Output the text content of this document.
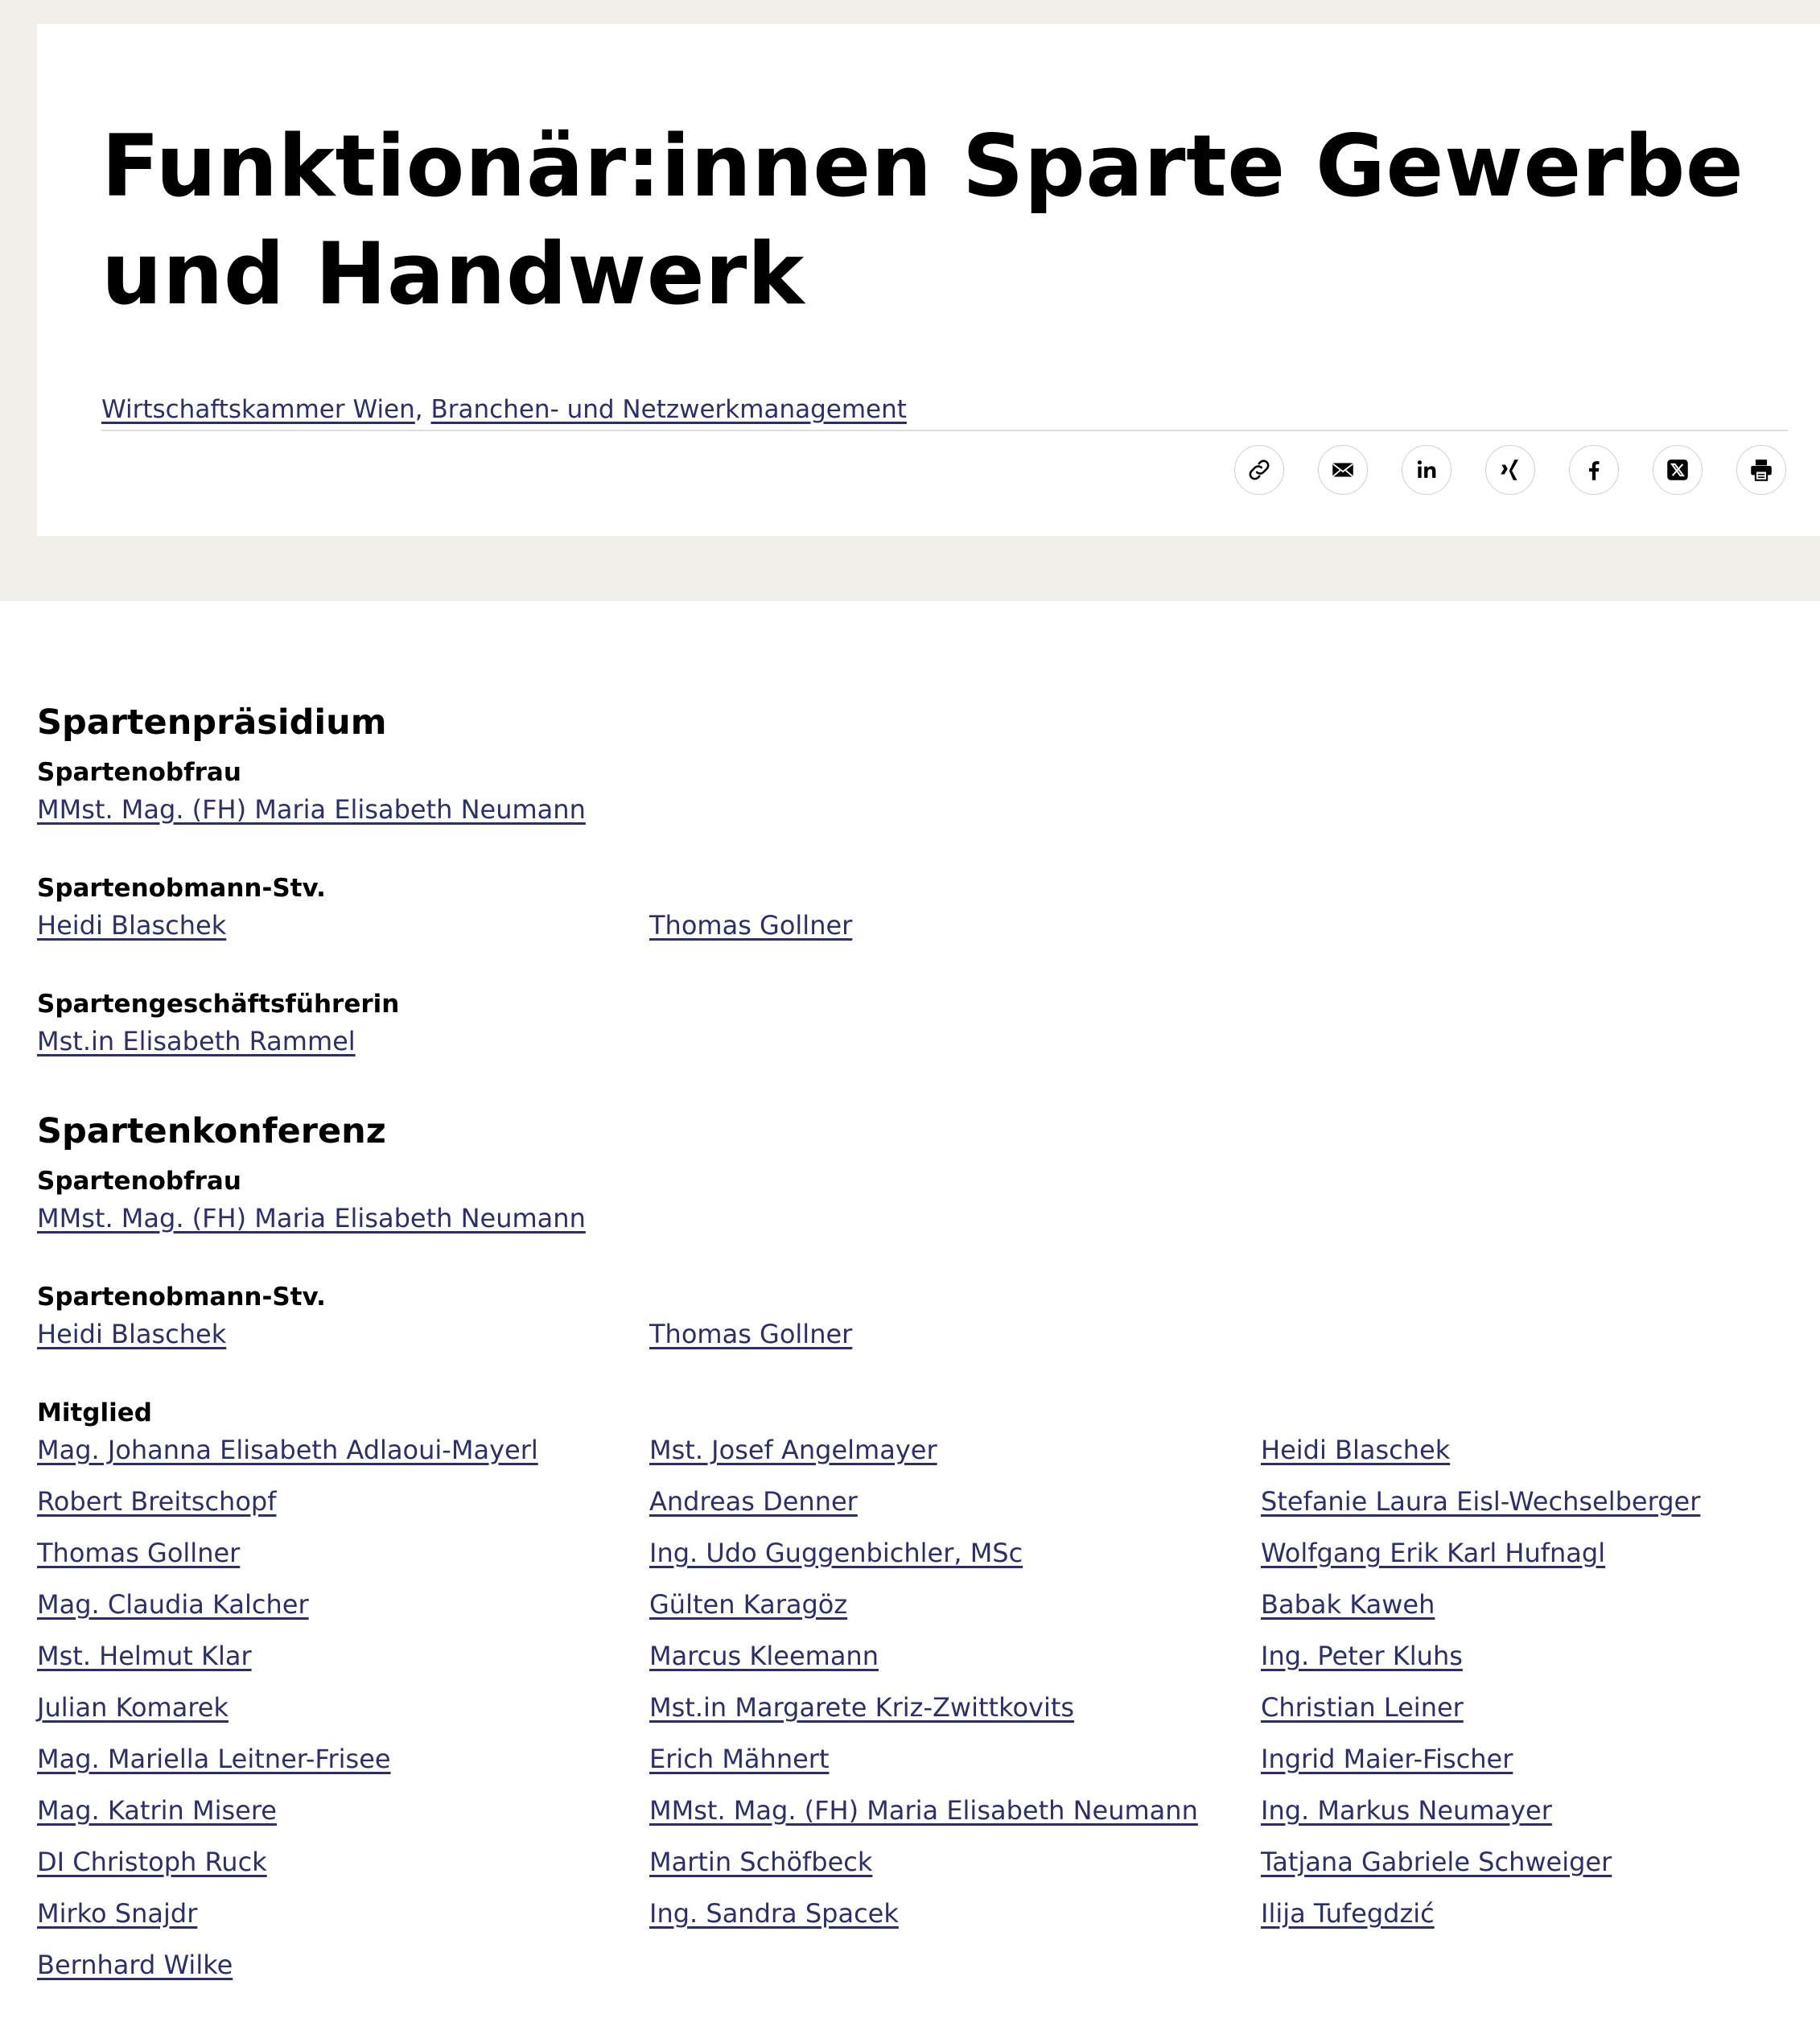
Funktionär:innen Sparte Gewerbe und Handwerk
Wirtschaftskammer Wien, Branchen- und Netzwerkmanagement
Spartenpräsidium
Spartenobfrau
MMst. Mag. (FH) Maria Elisabeth Neumann
Spartenobmann-Stv.
Heidi Blaschek	Thomas Gollner
Spartengeschäftsführerin
Mst.in Elisabeth Rammel
Spartenkonferenz
Spartenobfrau
MMst. Mag. (FH) Maria Elisabeth Neumann
Spartenobmann-Stv.
Heidi Blaschek	Thomas Gollner
Mitglied
Mag. Johanna Elisabeth Adlaoui-Mayerl	Mst. Josef Angelmayer	Heidi Blaschek
Robert Breitschopf	Andreas Denner	Stefanie Laura Eisl-Wechselberger
Thomas Gollner	Ing. Udo Guggenbichler, MSc	Wolfgang Erik Karl Hufnagl
Mag. Claudia Kalcher	Gülten Karagöz	Babak Kaweh
Mst. Helmut Klar	Marcus Kleemann	Ing. Peter Kluhs
Julian Komarek	Mst.in Margarete Kriz-Zwittkovits	Christian Leiner
Mag. Mariella Leitner-Frisee	Erich Mähnert	Ingrid Maier-Fischer
Mag. Katrin Misere	MMst. Mag. (FH) Maria Elisabeth Neumann Ing. Markus Neumayer
DI Christoph Ruck	Martin Schöfbeck	Tatjana Gabriele Schweiger
Mirko Snajdr	Ing. Sandra Spacek	Ilija Tufegdzić
Bernhard Wilke
